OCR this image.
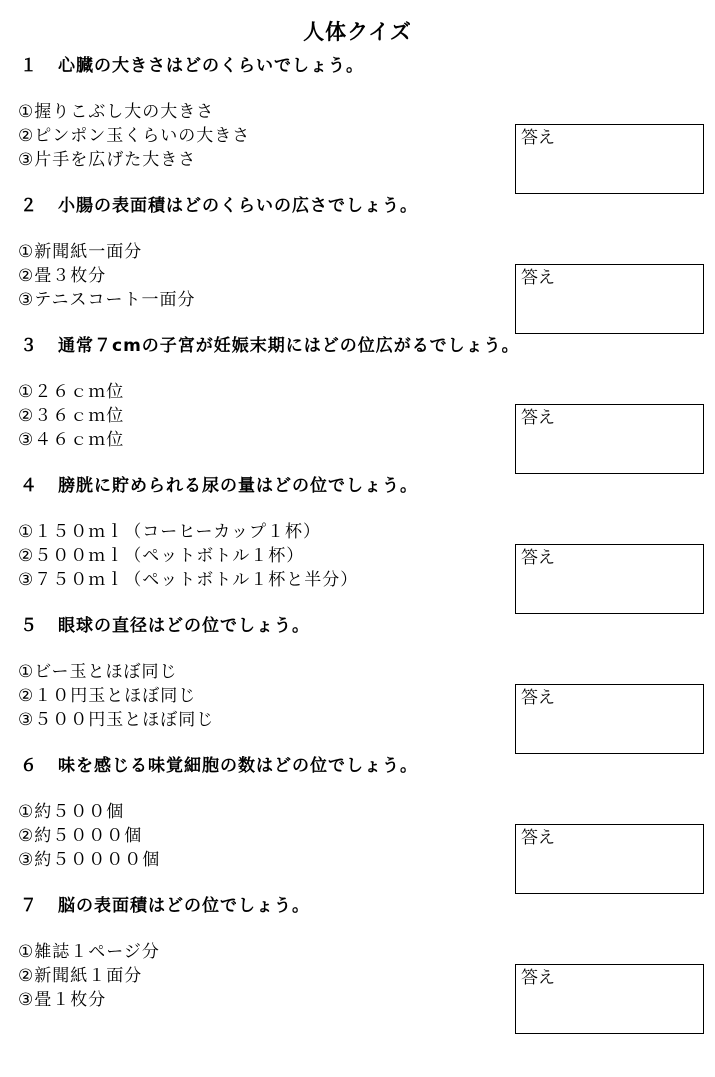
人体クイズ
１ 心臓の大きさはどのくらいでしょう。
①握りこぶし大の大きさ
②ピンポン玉くらいの大きさ
③片手を広げた大きさ
答え
２ 小腸の表面積はどのくらいの広さでしょう。
①新聞紙一面分
②畳３枚分
③テニスコート一面分
答え
３ 通常７cmの子宮が妊娠末期にはどの位広がるでしょう。
①２６ｃｍ位
②３６ｃｍ位
③４６ｃｍ位
答え
４ 膀胱に貯められる尿の量はどの位でしょう。
①１５０ｍｌ（コーヒーカップ１杯）
②５００ｍｌ（ペットボトル１杯）
③７５０ｍｌ（ペットボトル１杯と半分）
答え
５ 眼球の直径はどの位でしょう。
①ビー玉とほぼ同じ
②１０円玉とほぼ同じ
③５００円玉とほぼ同じ
答え
６ 味を感じる味覚細胞の数はどの位でしょう。
①約５００個
②約５０００個
③約５００００個
答え
７ 脳の表面積はどの位でしょう。
①雑誌１ページ分
②新聞紙１面分
③畳１枚分
答え
